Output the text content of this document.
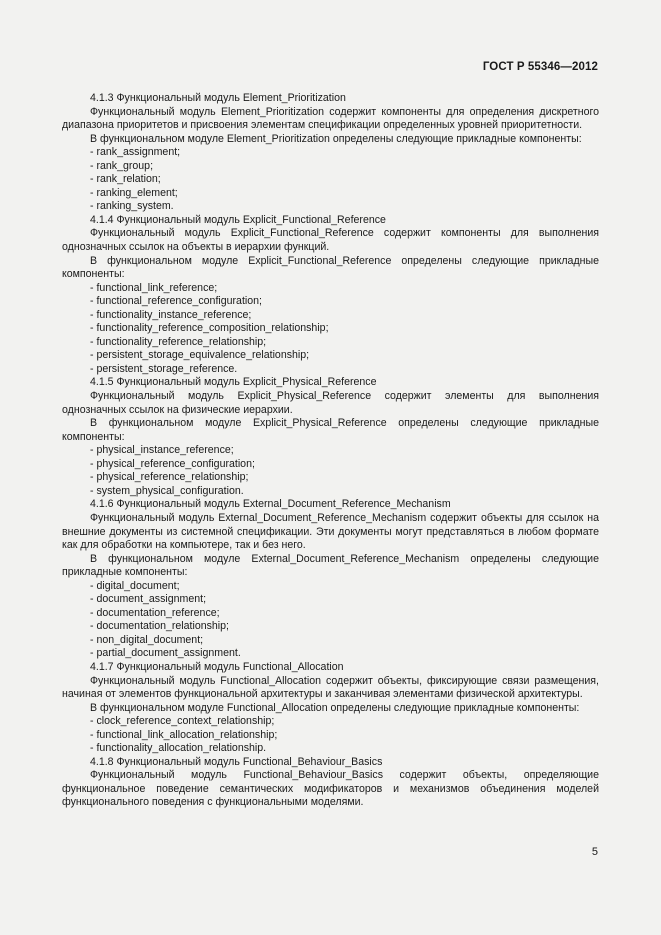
ГОСТ Р 55346—2012

4.1.3 Функциональный модуль Element_Prioritization

Функциональный модуль Element_Prioritization содержит компоненты для определения дискретного диапазона приоритетов и присвоения элементам спецификации определенных уровней приоритетности.

В функциональном модуле Element_Prioritization определены следующие прикладные компоненты:

- rank_assignment;
- rank_group;
- rank_relation;
- ranking_element;
- ranking_system.

4.1.4 Функциональный модуль Explicit_Functional_Reference

Функциональный модуль Explicit_Functional_Reference содержит компоненты для выполнения однозначных ссылок на объекты в иерархии функций.

В функциональном модуле Explicit_Functional_Reference определены следующие прикладные компоненты:

- functional_link_reference;
- functional_reference_configuration;
- functionality_instance_reference;
- functionality_reference_composition_relationship;
- functionality_reference_relationship;
- persistent_storage_equivalence_relationship;
- persistent_storage_reference.

4.1.5 Функциональный модуль Explicit_Physical_Reference

Функциональный модуль Explicit_Physical_Reference содержит элементы для выполнения однозначных ссылок на физические иерархии.

В функциональном модуле Explicit_Physical_Reference определены следующие прикладные компоненты:

- physical_instance_reference;
- physical_reference_configuration;
- physical_reference_relationship;
- system_physical_configuration.

4.1.6 Функциональный модуль External_Document_Reference_Mechanism

Функциональный модуль External_Document_Reference_Mechanism содержит объекты для ссылок на внешние документы из системной спецификации. Эти документы могут представляться в любом формате как для обработки на компьютере, так и без него.

В функциональном модуле External_Document_Reference_Mechanism определены следующие прикладные компоненты:

- digital_document;
- document_assignment;
- documentation_reference;
- documentation_relationship;
- non_digital_document;
- partial_document_assignment.

4.1.7 Функциональный модуль Functional_Allocation

Функциональный модуль Functional_Allocation содержит объекты, фиксирующие связи размещения, начиная от элементов функциональной архитектуры и заканчивая элементами физической архитектуры.

В функциональном модуле Functional_Allocation определены следующие прикладные компоненты:

- clock_reference_context_relationship;
- functional_link_allocation_relationship;
- functionality_allocation_relationship.

4.1.8 Функциональный модуль Functional_Behaviour_Basics

Функциональный модуль Functional_Behaviour_Basics содержит объекты, определяющие функциональное поведение семантических модификаторов и механизмов объединения моделей функционального поведения с функциональными моделями.

5
